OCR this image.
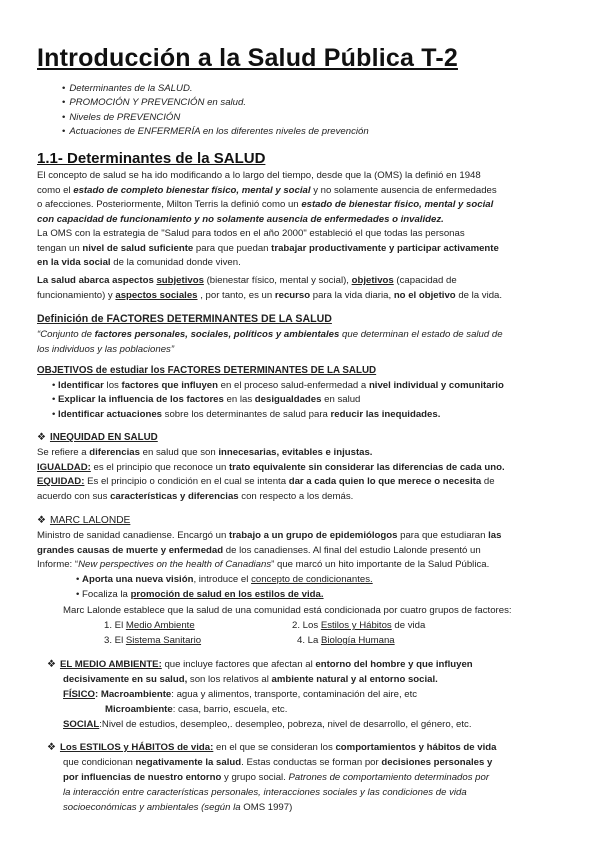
Introducción a la Salud Pública T-2
• Determinantes de la SALUD.
• PROMOCIÓN Y PREVENCIÓN en salud.
• Niveles de PREVENCIÓN
• Actuaciones de ENFERMERÍA en los diferentes niveles de prevención
1.1- Determinantes de la SALUD
El concepto de salud se ha ido modificando a lo largo del tiempo, desde que la (OMS) la definió en 1948
como el estado de completo bienestar físico, mental y social y no solamente ausencia de enfermedades
o afecciones. Posteriormente, Milton Terris la definió como un estado de bienestar físico, mental y social
con capacidad de funcionamiento y no solamente ausencia de enfermedades o invalidez.
La OMS con la estrategia de "Salud para todos en el año 2000" estableció el que todas las personas
tengan un nivel de salud suficiente para que puedan trabajar productivamente y participar activamente
en la vida social de la comunidad donde viven.
La salud abarca aspectos subjetivos (bienestar físico, mental y social), objetivos (capacidad de
funcionamiento) y aspectos sociales , por tanto, es un recurso para la vida diaria, no el objetivo de la vida.
Definición de FACTORES DETERMINANTES DE LA SALUD
“Conjunto de factores personales, sociales, políticos y ambientales que determinan el estado de salud de
los individuos y las poblaciones”
OBJETIVOS de estudiar los FACTORES DETERMINANTES DE LA SALUD
• Identificar los factores que influyen en el proceso salud-enfermedad a nivel individual y comunitario
• Explicar la influencia de los factores en las desigualdades en salud
• Identificar actuaciones sobre los determinantes de salud para reducir las inequidades.
❖ INEQUIDAD EN SALUD
Se refiere a diferencias en salud que son innecesarias, evitables e injustas.
IGUALDAD: es el principio que reconoce un trato equivalente sin considerar las diferencias de cada uno.
EQUIDAD: Es el principio o condición en el cual se intenta dar a cada quien lo que merece o necesita de
acuerdo con sus características y diferencias con respecto a los demás.
❖ MARC LALONDE
Ministro de sanidad canadiense. Encargó un trabajo a un grupo de epidemiólogos para que estudiaran las
grandes causas de muerte y enfermedad de los canadienses. Al final del estudio Lalonde presentó un
Informe: “New perspectives on the health of Canadians” que marcó un hito importante de la Salud Pública.
• Aporta una nueva visión, introduce el concepto de condicionantes.
• Focaliza la promoción de salud en los estilos de vida.
Marc Lalonde establece que la salud de una comunidad está condicionada por cuatro grupos de factores:
1. El Medio Ambiente	2. Los Estilos y Hábitos de vida
3. El Sistema Sanitario	4. La Biología Humana
❖ EL MEDIO AMBIENTE: que incluye factores que afectan al entorno del hombre y que influyen
decisivamente en su salud, son los relativos al ambiente natural y al entorno social.
FÍSICO: Macroambiente: agua y alimentos, transporte, contaminación del aire, etc
Microambiente: casa, barrio, escuela, etc.
SOCIAL:Nivel de estudios, desempleo,. desempleo, pobreza, nivel de desarrollo, el género, etc.
❖ Los ESTILOS y HÁBITOS de vida: en el que se consideran los comportamientos y hábitos de vida
que condicionan negativamente la salud. Estas conductas se forman por decisiones personales y
por influencias de nuestro entorno y grupo social. Patrones de comportamiento determinados por
la interacción entre características personales, interacciones sociales y las condiciones de vida
socioeconómicas y ambientales (según la OMS 1997)
